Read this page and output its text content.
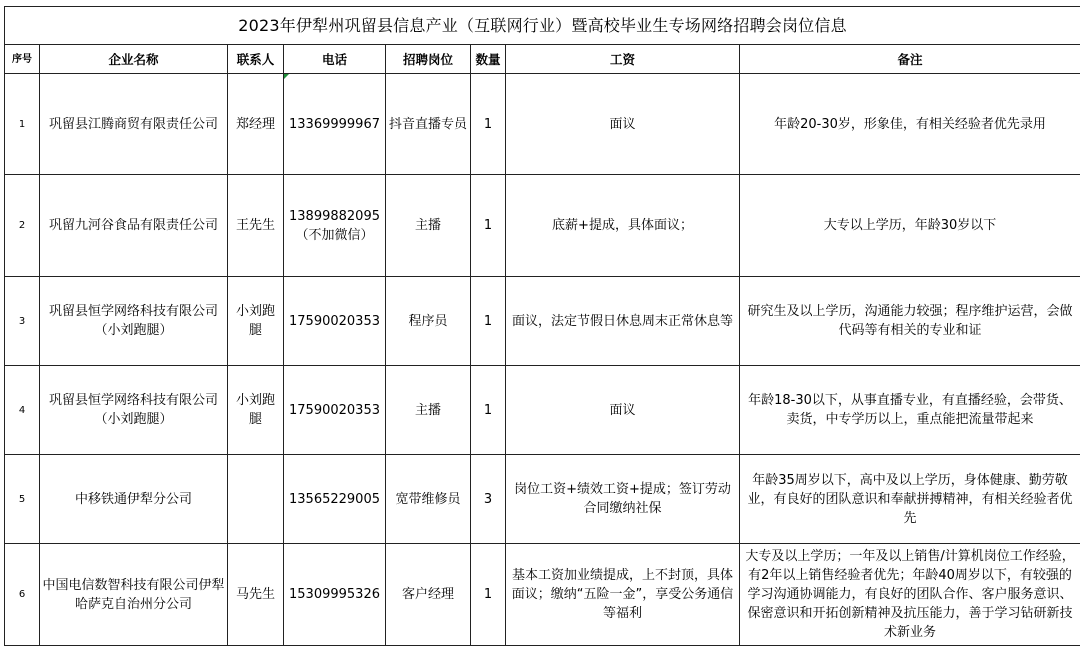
2023年伊犁州巩留县信息产业（互联网行业）暨高校毕业生专场网络招聘会岗位信息							
序号	企业名称	联系人	电话	招聘岗位	数量	工资	备注
1	巩留县江腾商贸有限责任公司	郑经理	13369999967	抖音直播专员	1	面议	年龄20-30岁，形象佳，有相关经验者优先录用
2	巩留九河谷食品有限责任公司	王先生	13899882095（不加微信）	主播	1	底薪+提成，具体面议；	大专以上学历，年龄30岁以下
3	巩留县恒学网络科技有限公司（小刘跑腿）	小刘跑腿	17590020353	程序员	1	面议，法定节假日休息周末正常休息等	研究生及以上学历，沟通能力较强；程序维护运营，会做代码等有相关的专业和证
4	巩留县恒学网络科技有限公司（小刘跑腿）	小刘跑腿	17590020353	主播	1	面议	年龄18-30以下，从事直播专业，有直播经验，会带货、卖货，中专学历以上，重点能把流量带起来
5	中移铁通伊犁分公司		13565229005	宽带维修员	3	岗位工资+绩效工资+提成；签订劳动合同缴纳社保	年龄35周岁以下，高中及以上学历，身体健康、勤劳敬业，有良好的团队意识和奉献拼搏精神，有相关经验者优先
6	中国电信数智科技有限公司伊犁哈萨克自治州分公司	马先生	15309995326	客户经理	1	基本工资加业绩提成，上不封顶，具体面议；缴纳“五险一金”，享受公务通信等福利	大专及以上学历；一年及以上销售/计算机岗位工作经验，有2年以上销售经验者优先；年龄40周岁以下，有较强的学习沟通协调能力，有良好的团队合作、客户服务意识、保密意识和开拓创新精神及抗压能力，善于学习钻研新技术新业务
